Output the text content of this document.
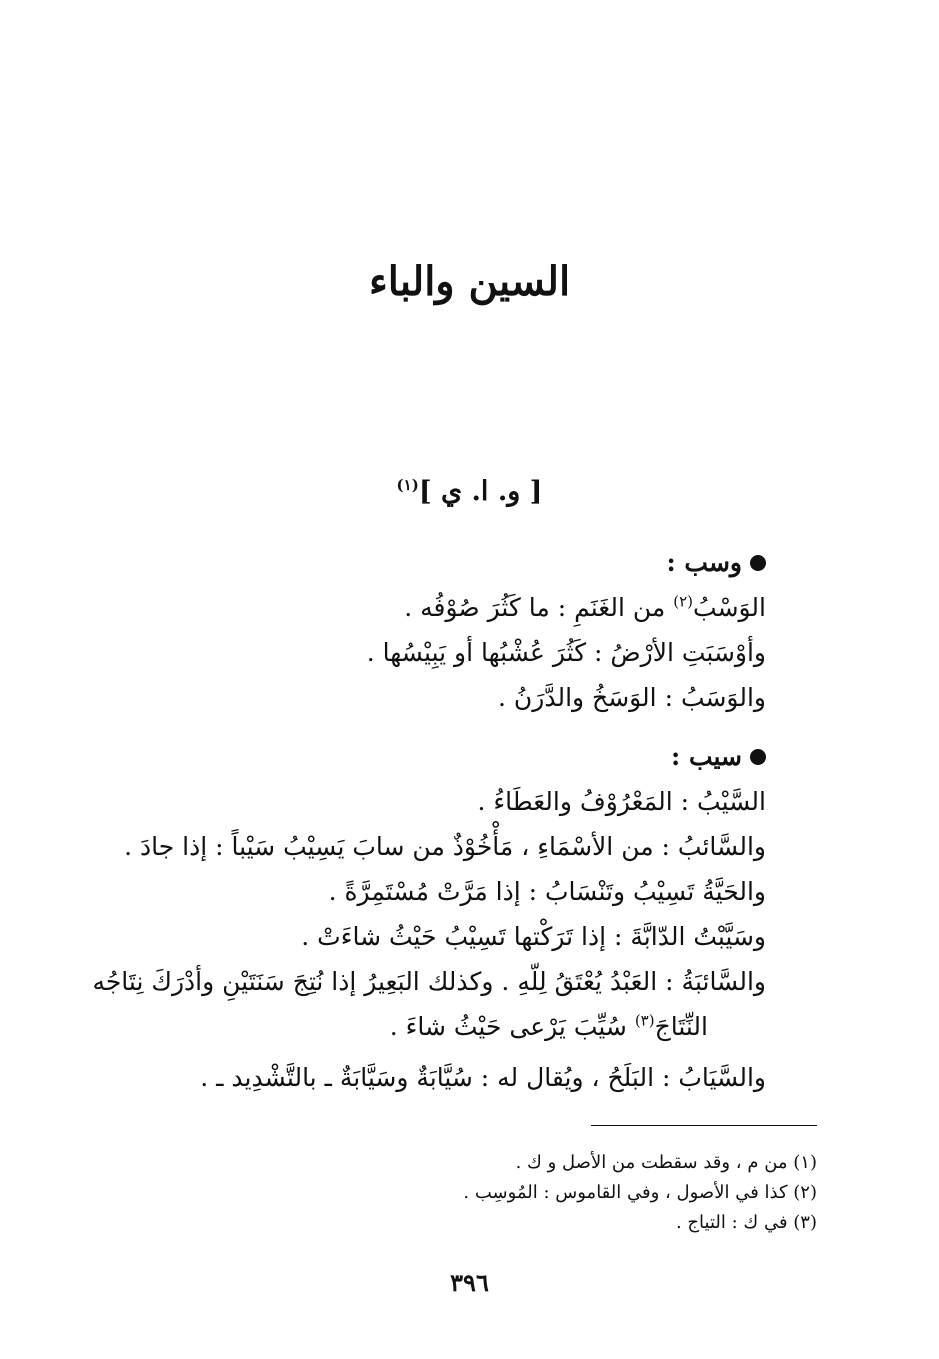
السين والباء
[ و. ا. ي ]$^{(١)}$

وسب :

الوَسْبُ$^{(٢)}$ من الغَنَمِ : ما كَثُرَ صُوْفُه .

وأوْسَبَتِ الأرْضُ : كَثُرَ عُشْبُها أو يَبِيْسُها .

والوَسَبُ : الوَسَخُ والدَّرَنُ .

سيب :

السَّيْبُ : المَعْرُوْفُ والعَطَاءُ .

والسَّائبُ : من الأسْمَاءِ ، مَأْخُوْذٌ من سابَ يَسِيْبُ سَيْباً : إذا جادَ .

والحَيَّةُ تَسِيْبُ وتَنْسَابُ : إذا مَرَّتْ مُسْتَمِرَّةً .

وسَيَّبْتُ الدّابَّةَ : إذا تَرَكْتها تَسِيْبُ حَيْثُ شاءَتْ .

والسَّائبَةُ : العَبْدُ يُعْتَقُ لِلّهِ . وكذلك البَعِيرُ إذا نُتِجَ سَنَتَيْنِ وأدْرَكَ نِتَاجُه

النِّتَاجَ$^{(٣)}$ سُيِّبَ يَرْعى حَيْثُ شاءَ .

والسَّيَابُ : البَلَحُ ، ويُقال له : سُيَّابَةٌ وسَيَّابَةٌ ـ بالتَّشْدِيد ـ .

(١) من م ، وقد سقطت من الأصل و ك .

(٢) كذا في الأصول ، وفي القاموس : المُوسِب .

(٣) في ك : التياج .

٣٩٦
